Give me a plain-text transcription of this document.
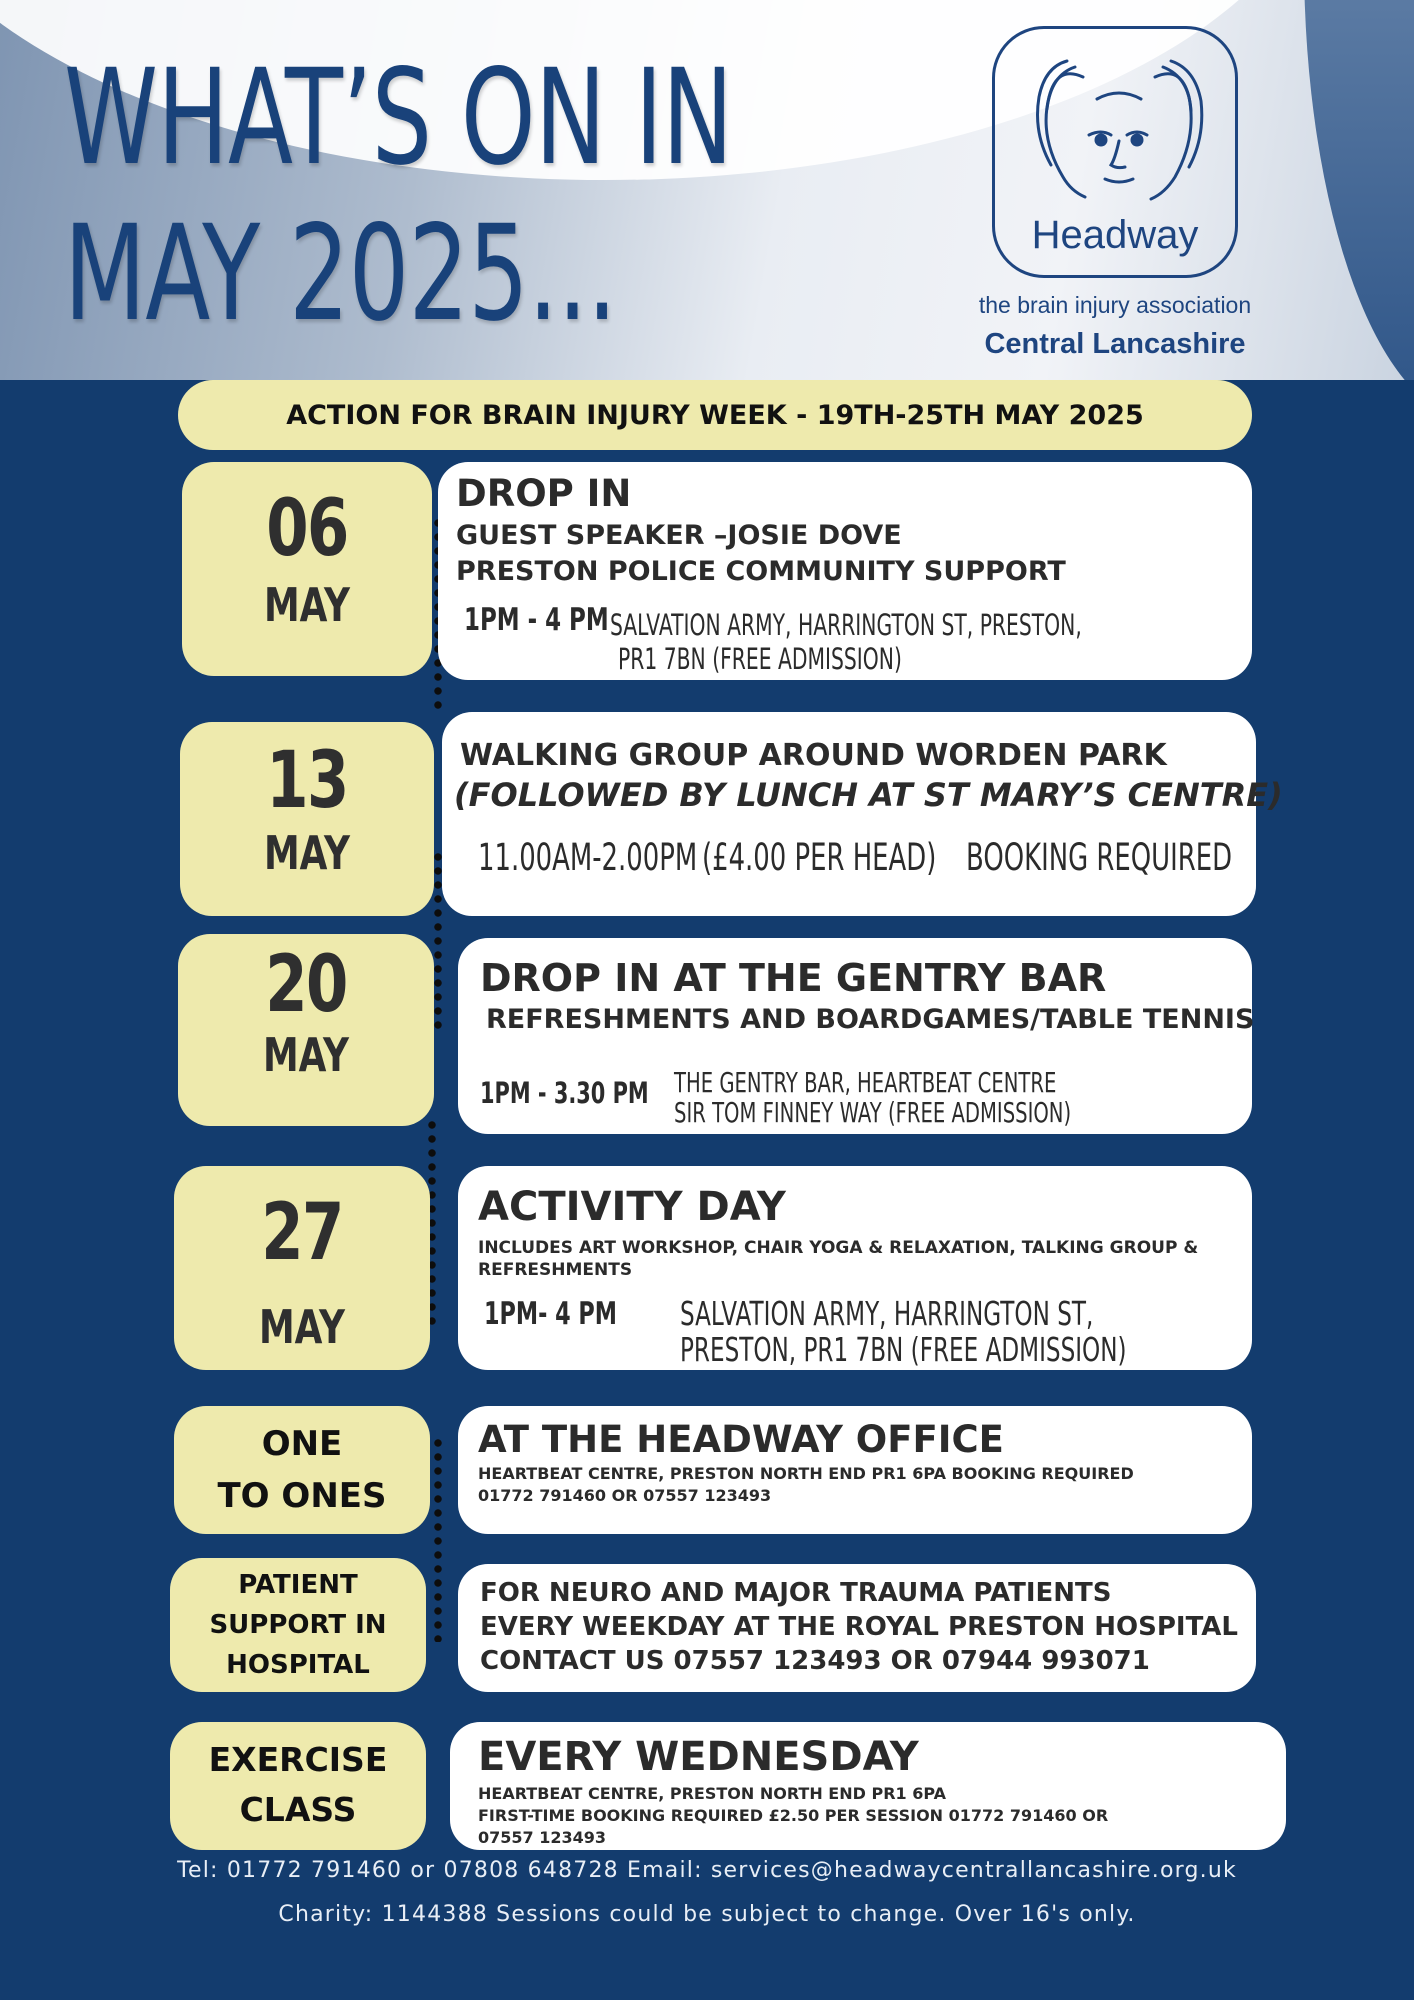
WHAT’S ON IN
MAY 2025...	Headway
the brain injury association
Central Lancashire
ACTION FOR BRAIN INJURY WEEK - 19TH-25TH MAY 2025
06
MAY
DROP IN
GUEST SPEAKER –JOSIE DOVE
PRESTON POLICE COMMUNITY SUPPORT
1PM - 4 PM SALVATION ARMY, HARRINGTON ST, PRESTON,
PR1 7BN (FREE ADMISSION)
13
MAY
WALKING GROUP AROUND WORDEN PARK
(FOLLOWED BY LUNCH AT ST MARY’S CENTRE)
11.00AM-2.00PM (£4.00 PER HEAD) BOOKING REQUIRED
20
MAY
DROP IN AT THE GENTRY BAR
REFRESHMENTS AND BOARDGAMES/TABLE TENNIS
1PM - 3.30 PM THE GENTRY BAR, HEARTBEAT CENTRE
SIR TOM FINNEY WAY (FREE ADMISSION)
27
MAY
ACTIVITY DAY
INCLUDES ART WORKSHOP, CHAIR YOGA & RELAXATION, TALKING GROUP &
REFRESHMENTS
1PM- 4 PM SALVATION ARMY, HARRINGTON ST,
PRESTON, PR1 7BN (FREE ADMISSION)
ONE
TO ONES
AT THE HEADWAY OFFICE
HEARTBEAT CENTRE, PRESTON NORTH END PR1 6PA BOOKING REQUIRED
01772 791460 OR 07557 123493
PATIENT
SUPPORT IN
HOSPITAL
FOR NEURO AND MAJOR TRAUMA PATIENTS
EVERY WEEKDAY AT THE ROYAL PRESTON HOSPITAL
CONTACT US 07557 123493 OR 07944 993071
EXERCISE
CLASS
EVERY WEDNESDAY
HEARTBEAT CENTRE, PRESTON NORTH END PR1 6PA
FIRST-TIME BOOKING REQUIRED £2.50 PER SESSION 01772 791460 OR
07557 123493
Tel: 01772 791460 or 07808 648728 Email: services@headwaycentrallancashire.org.uk
Charity: 1144388 Sessions could be subject to change. Over 16's only.
